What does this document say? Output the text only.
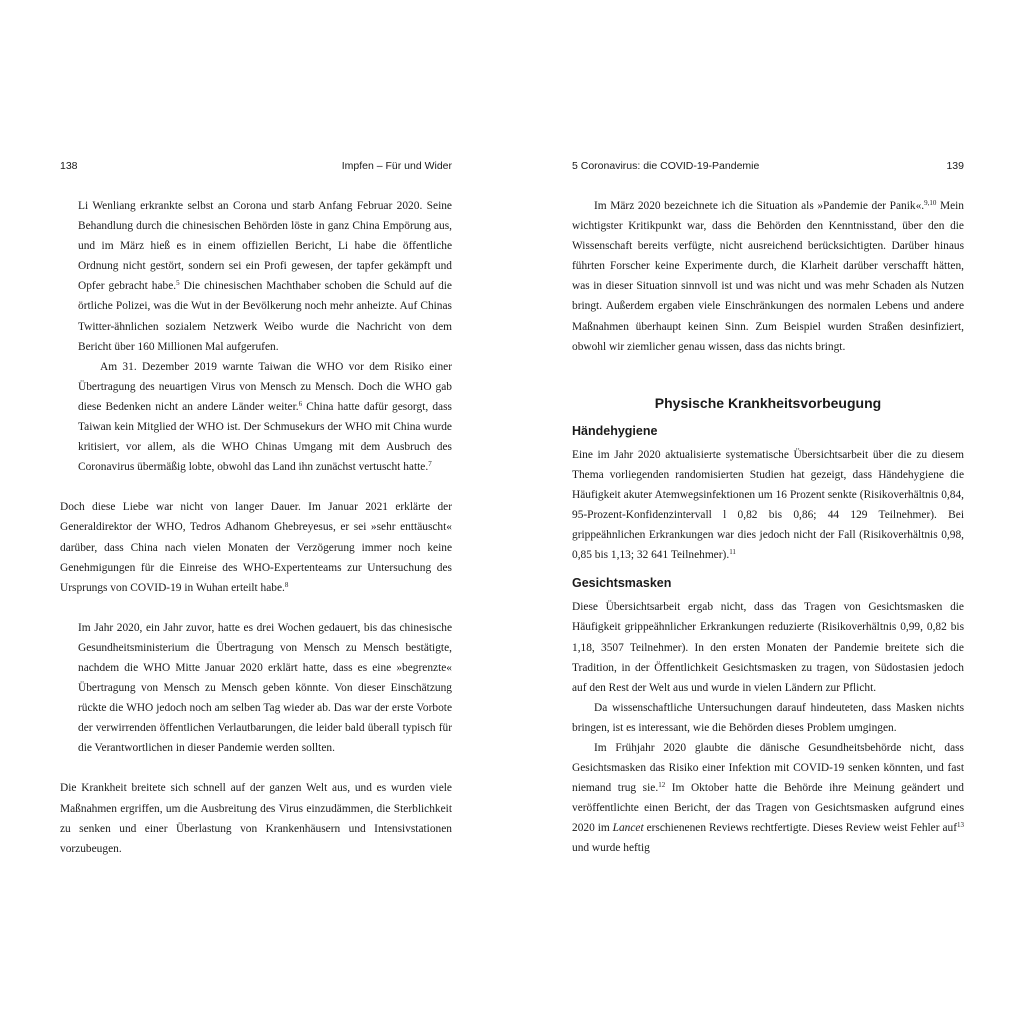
138	Impfen – Für und Wider

Li Wenliang erkrankte selbst an Corona und starb Anfang Februar 2020. Seine Behandlung durch die chinesischen Behörden löste in ganz China Empörung aus, und im März hieß es in einem offiziellen Bericht, Li habe die öffentliche Ordnung nicht gestört, sondern sei ein Profi gewesen, der tapfer gekämpft und Opfer gebracht habe.$^5$ Die chinesischen Machthaber schoben die Schuld auf die örtliche Polizei, was die Wut in der Bevölkerung noch mehr anheizte. Auf Chinas Twitter-ähnlichen sozialem Netzwerk Weibo wurde die Nachricht von dem Bericht über 160 Millionen Mal aufgerufen.

Am 31. Dezember 2019 warnte Taiwan die WHO vor dem Risiko einer Übertragung des neuartigen Virus von Mensch zu Mensch. Doch die WHO gab diese Bedenken nicht an andere Länder weiter.$^6$ China hatte dafür gesorgt, dass Taiwan kein Mitglied der WHO ist. Der Schmusekurs der WHO mit China wurde kritisiert, vor allem, als die WHO Chinas Umgang mit dem Ausbruch des Coronavirus übermäßig lobte, obwohl das Land ihn zunächst vertuscht hatte.$^7$

Doch diese Liebe war nicht von langer Dauer. Im Januar 2021 erklärte der Generaldirektor der WHO, Tedros Adhanom Ghebreyesus, er sei »sehr enttäuscht« darüber, dass China nach vielen Monaten der Verzögerung immer noch keine Genehmigungen für die Einreise des WHO-Expertenteams zur Untersuchung des Ursprungs von COVID-19 in Wuhan erteilt habe.$^8$

Im Jahr 2020, ein Jahr zuvor, hatte es drei Wochen gedauert, bis das chinesische Gesundheitsministerium die Übertragung von Mensch zu Mensch bestätigte, nachdem die WHO Mitte Januar 2020 erklärt hatte, dass es eine »begrenzte« Übertragung von Mensch zu Mensch geben könnte. Von dieser Einschätzung rückte die WHO jedoch noch am selben Tag wieder ab. Das war der erste Vorbote der verwirrenden öffentlichen Verlautbarungen, die leider bald überall typisch für die Verantwortlichen in dieser Pandemie werden sollten.

Die Krankheit breitete sich schnell auf der ganzen Welt aus, und es wurden viele Maßnahmen ergriffen, um die Ausbreitung des Virus einzudämmen, die Sterblichkeit zu senken und einer Überlastung von Krankenhäusern und Intensivstationen vorzubeugen.

5 Coronavirus: die COVID-19-Pandemie	139

Im März 2020 bezeichnete ich die Situation als »Pandemie der Panik«.$^{9,10}$ Mein wichtigster Kritikpunkt war, dass die Behörden den Kenntnisstand, über den die Wissenschaft bereits verfügte, nicht ausreichend berücksichtigten. Darüber hinaus führten Forscher keine Experimente durch, die Klarheit darüber verschafft hätten, was in dieser Situation sinnvoll ist und was nicht und was mehr Schaden als Nutzen bringt. Außerdem ergaben viele Einschränkungen des normalen Lebens und andere Maßnahmen überhaupt keinen Sinn. Zum Beispiel wurden Straßen desinfiziert, obwohl wir ziemlicher genau wissen, dass das nichts bringt.

Physische Krankheitsvorbeugung
Händehygiene

Eine im Jahr 2020 aktualisierte systematische Übersichtsarbeit über die zu diesem Thema vorliegenden randomisierten Studien hat gezeigt, dass Händehygiene die Häufigkeit akuter Atemwegsinfektionen um 16 Prozent senkte (Risikoverhältnis 0,84, 95-Prozent-Konfidenzintervall l 0,82 bis 0,86; 44 129 Teilnehmer). Bei grippeähnlichen Erkrankungen war dies jedoch nicht der Fall (Risikoverhältnis 0,98, 0,85 bis 1,13; 32 641 Teilnehmer).$^{11}$

Gesichtsmasken

Diese Übersichtsarbeit ergab nicht, dass das Tragen von Gesichtsmasken die Häufigkeit grippeähnlicher Erkrankungen reduzierte (Risikoverhältnis 0,99, 0,82 bis 1,18, 3507 Teilnehmer). In den ersten Monaten der Pandemie breitete sich die Tradition, in der Öffentlichkeit Gesichtsmasken zu tragen, von Südostasien jedoch auf den Rest der Welt aus und wurde in vielen Ländern zur Pflicht.

Da wissenschaftliche Untersuchungen darauf hindeuteten, dass Masken nichts bringen, ist es interessant, wie die Behörden dieses Problem umgingen.

Im Frühjahr 2020 glaubte die dänische Gesundheitsbehörde nicht, dass Gesichtsmasken das Risiko einer Infektion mit COVID-19 senken könnten, und fast niemand trug sie.$^{12}$ Im Oktober hatte die Behörde ihre Meinung geändert und veröffentlichte einen Bericht, der das Tragen von Gesichtsmasken aufgrund eines 2020 im Lancet erschienenen Reviews rechtfertigte. Dieses Review weist Fehler auf$^{13}$ und wurde heftig
